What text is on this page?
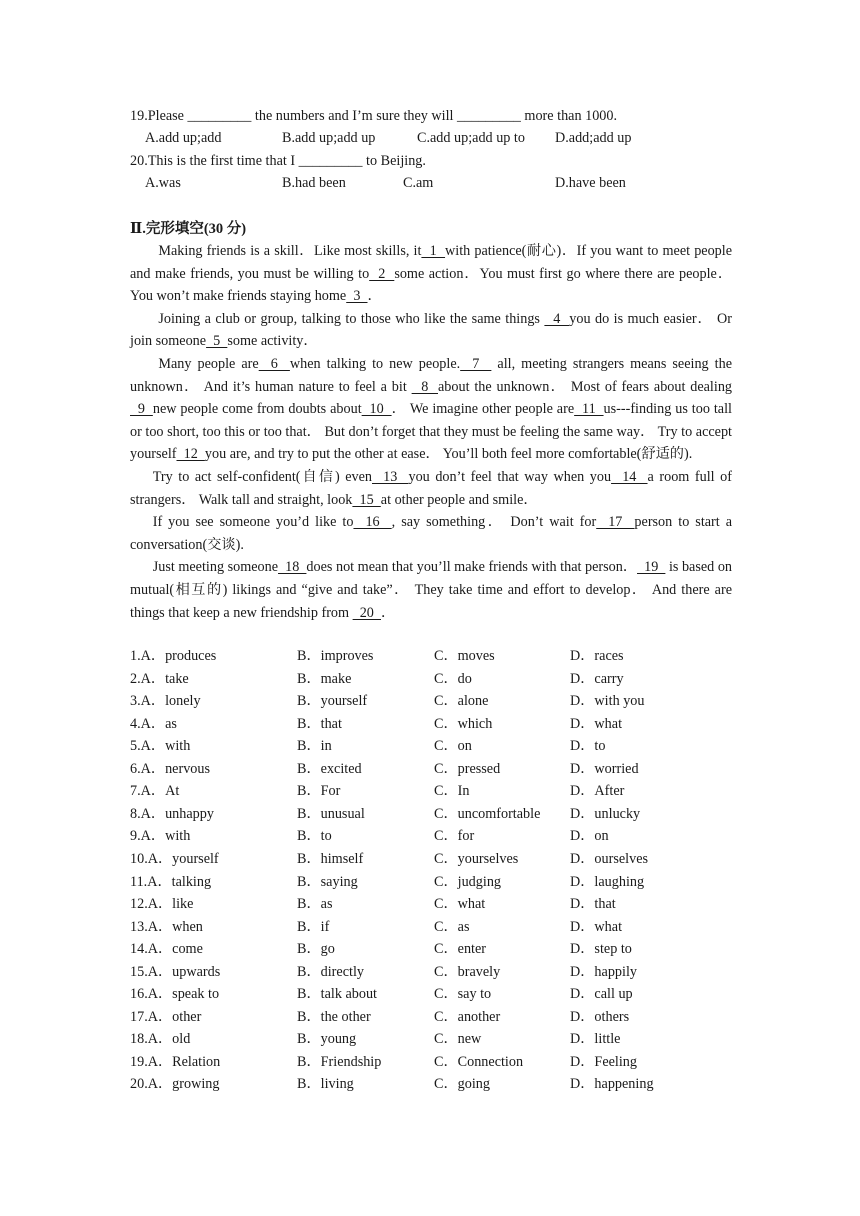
19.Please _________ the numbers and I’m sure they will _________ more than 1000.
A.add up;add	B.add up;add up	C.add up;add up to D.add;add up
20.This is the first time that I _________ to Beijing.
A.was	B.had been	C.am	D.have been
Ⅱ.完形填空(30 分)

Making friends is a skill．Like most skills, it  1  with patience(耐心)．If you want to meet people and make friends, you must be willing to  2  some action．You must first go where there are people． You won’t make friends staying home  3  ．

Joining a club or group, talking to those who like the same things   4  you do is much easier． Or join someone  5  some activity．

Many people are  6  when talking to new people.  7   all, meeting strangers means seeing the unknown． And it’s human nature to feel a bit   8  about the unknown． Most of fears about dealing   9  new people come from doubts about  10  ． We imagine other people are  11  us---finding us too tall or too short, too this or too that． But don’t forget that they must be feeling the same way． Try to accept yourself  12  you are, and try to put the other at ease． You’ll both feel more comfortable(舒适的).

Try to act self-confident(自信) even  13  you don’t feel that way when you  14  a room full of strangers． Walk tall and straight, look  15  at other people and smile．

If you see someone you’d like to  16  , say something． Don’t wait for  17  person to start a conversation(交谈).

Just meeting someone  18  does not mean that you’ll make friends with that person．  19   is based on mutual(相互的) likings and “give and take”． They take time and effort to develop． And there are things that keep a new friendship from   20  ．

1.A．produces	B．improves	C．moves	D．races
2.A．take	B．make	C．do	D．carry
3.A．lonely	B．yourself	C．alone	D．with you
4.A．as	B．that	C．which	D．what
5.A．with	B．in	C．on	D．to
6.A．nervous	B．excited	C．pressed	D．worried
7.A．At	B．For	C．In	D．After
8.A．unhappy	B．unusual	C．uncomfortable D．unlucky
9.A．with	B．to	C．for	D．on
10.A．yourself	B．himself	C．yourselves	D．ourselves
11.A．talking	B．saying	C．judging	D．laughing
12.A．like	B．as	C．what	D．that
13.A．when	B．if	C．as	D．what
14.A．come	B．go	C．enter	D．step to
15.A．upwards	B．directly	C．bravely	D．happily
16.A．speak to	B．talk about	C．say to	D．call up
17.A．other	B．the other	C．another	D．others
18.A．old	B．young	C．new	D．little
19.A．Relation	B．Friendship	C．Connection	D．Feeling
20.A．growing	B．living	C．going	D．happening
